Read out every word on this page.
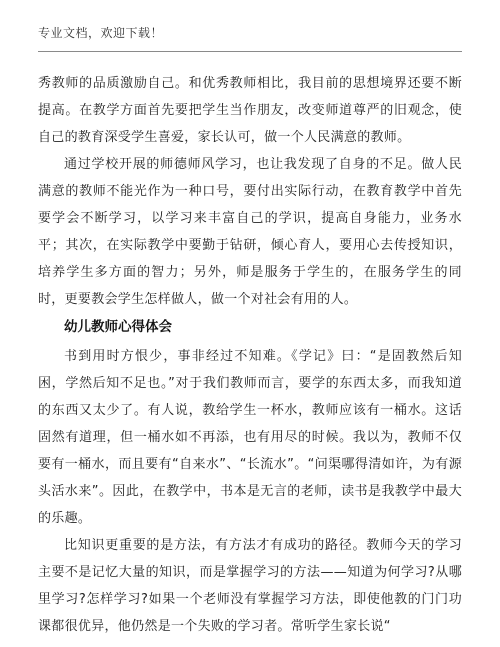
专业文档，欢迎下载！

秀教师的品质激励自己。和优秀教师相比，我目前的思想境界还要不断提高。在教学方面首先要把学生当作朋友，改变师道尊严的旧观念，使自己的教育深受学生喜爱，家长认可，做一个人民满意的教师。

通过学校开展的师德师风学习，也让我发现了自身的不足。做人民满意的教师不能光作为一种口号，要付出实际行动，在教育教学中首先要学会不断学习，以学习来丰富自己的学识，提高自身能力，业务水平；其次，在实际教学中要勤于钻研，倾心育人，要用心去传授知识，培养学生多方面的智力；另外，师是服务于学生的，在服务学生的同时，更要教会学生怎样做人，做一个对社会有用的人。

幼儿教师心得体会

书到用时方恨少，事非经过不知难。《学记》曰：“是固教然后知困，学然后知不足也。”对于我们教师而言，要学的东西太多，而我知道的东西又太少了。有人说，教给学生一杯水，教师应该有一桶水。这话固然有道理，但一桶水如不再添，也有用尽的时候。我以为，教师不仅要有一桶水，而且要有“自来水”、“长流水”。“问渠哪得清如许，为有源头活水来”。因此，在教学中，书本是无言的老师，读书是我教学中最大的乐趣。

比知识更重要的是方法，有方法才有成功的路径。教师今天的学习主要不是记忆大量的知识，而是掌握学习的方法——知道为何学习?从哪里学习?怎样学习?如果一个老师没有掌握学习方法，即使他教的门门功课都很优异，他仍然是一个失败的学习者。常听学生家长说“
